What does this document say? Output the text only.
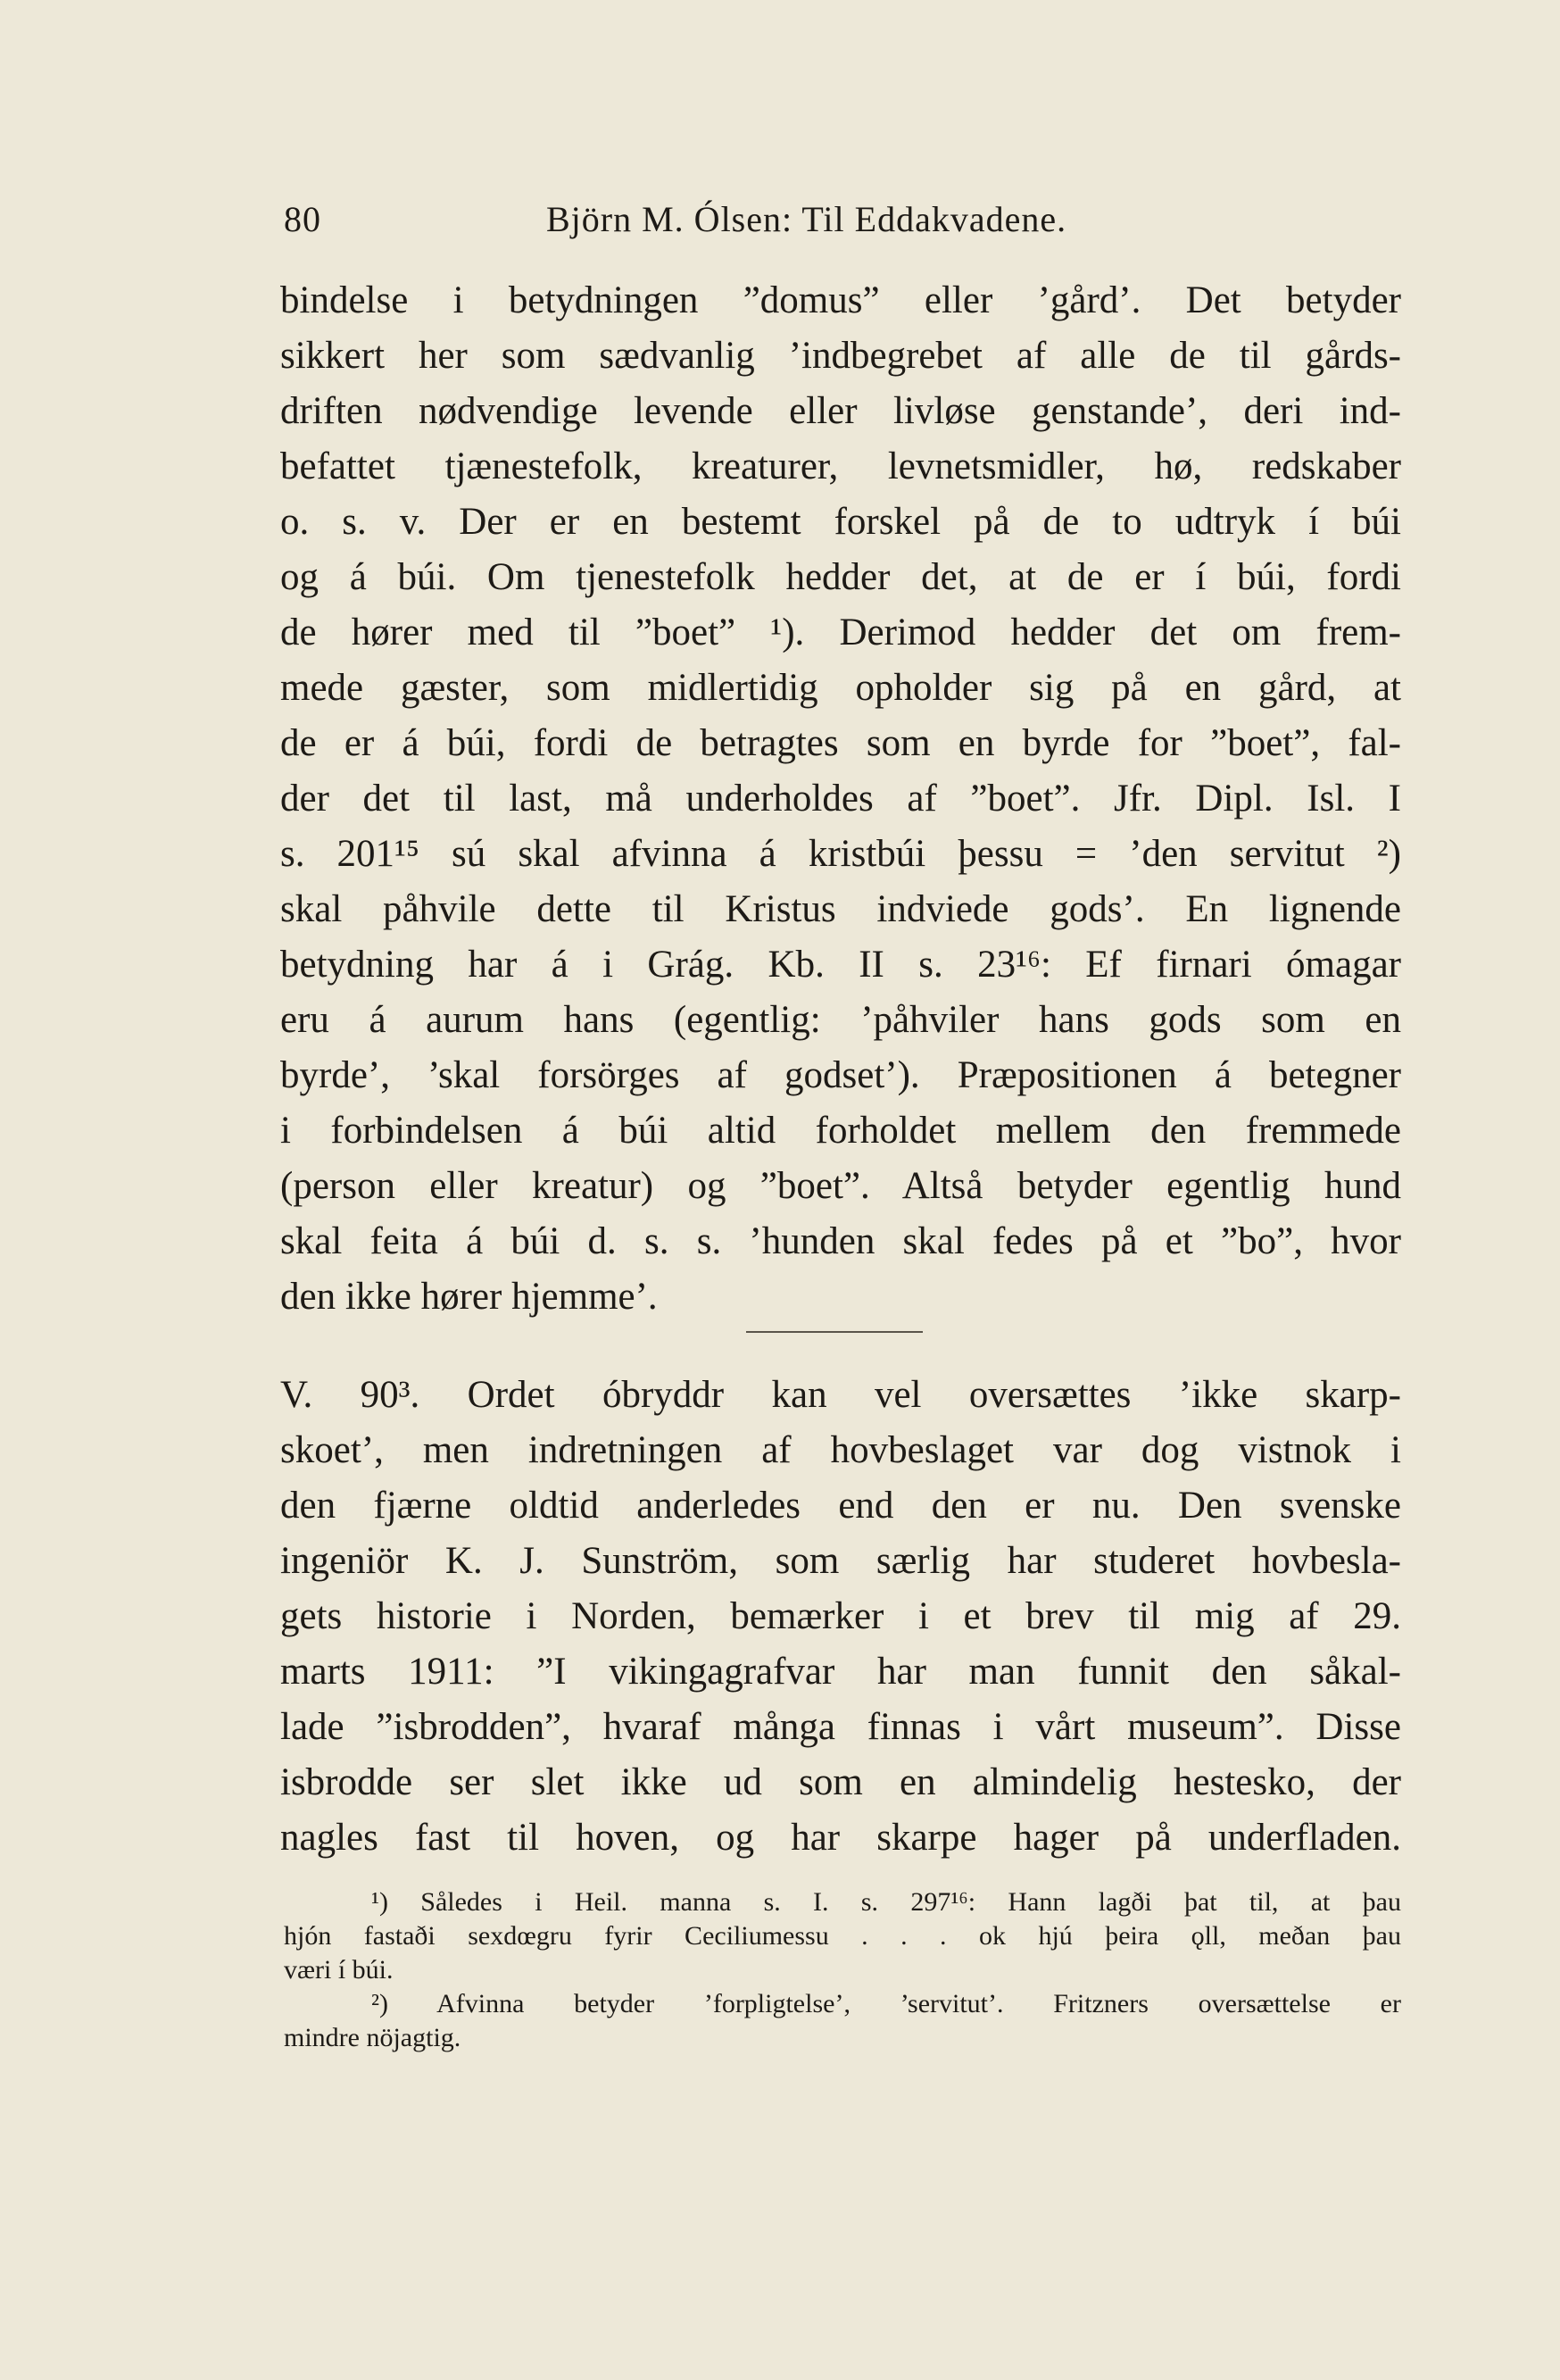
80	Björn M. Ólsen: Til Eddakvadene.
bindelse i betydningen ”domus” eller ’gård’. Det betyder
sikkert her som sædvanlig ’indbegrebet af alle de til gårds-
driften nødvendige levende eller livløse genstande’, deri ind-
befattet tjænestefolk, kreaturer, levnetsmidler, hø, redskaber
o. s. v. Der er en bestemt forskel på de to udtryk í búi
og á búi. Om tjenestefolk hedder det, at de er í búi, fordi
de hører med til ”boet” ¹). Derimod hedder det om frem-
mede gæster, som midlertidig opholder sig på en gård, at
de er á búi, fordi de betragtes som en byrde for ”boet”, fal-
der det til last, må underholdes af ”boet”. Jfr. Dipl. Isl. I
s. 201¹⁵ sú skal afvinna á kristbúi þessu = ’den servitut ²)
skal påhvile dette til Kristus indviede gods’. En lignende
betydning har á i Grág. Kb. II s. 23¹⁶: Ef firnari ómagar
eru á aurum hans (egentlig: ’påhviler hans gods som en
byrde’, ’skal forsörges af godset’). Præpositionen á betegner
i forbindelsen á búi altid forholdet mellem den fremmede
(person eller kreatur) og ”boet”. Altså betyder egentlig hund
skal feita á búi d. s. s. ’hunden skal fedes på et ”bo”, hvor
den ikke hører hjemme’.
V. 90³. Ordet óbryddr kan vel oversættes ’ikke skarp-
skoet’, men indretningen af hovbeslaget var dog vistnok i
den fjærne oldtid anderledes end den er nu. Den svenske
ingeniör K. J. Sunström, som særlig har studeret hovbesla-
gets historie i Norden, bemærker i et brev til mig af 29.
marts 1911: ”I vikingagrafvar har man funnit den såkal-
lade ”isbrodden”, hvaraf många finnas i vårt museum”. Disse
isbrodde ser slet ikke ud som en almindelig hestesko, der
nagles fast til hoven, og har skarpe hager på underfladen.
¹) Således i Heil. manna s. I. s. 297¹⁶: Hann lagði þat til, at þau
hjón fastaði sexdœgru fyrir Ceciliumessu . . . ok hjú þeira ǫll, meðan þau
væri í búi.
²) Afvinna betyder ’forpligtelse’, ’servitut’. Fritzners oversættelse er
mindre nöjagtig.
